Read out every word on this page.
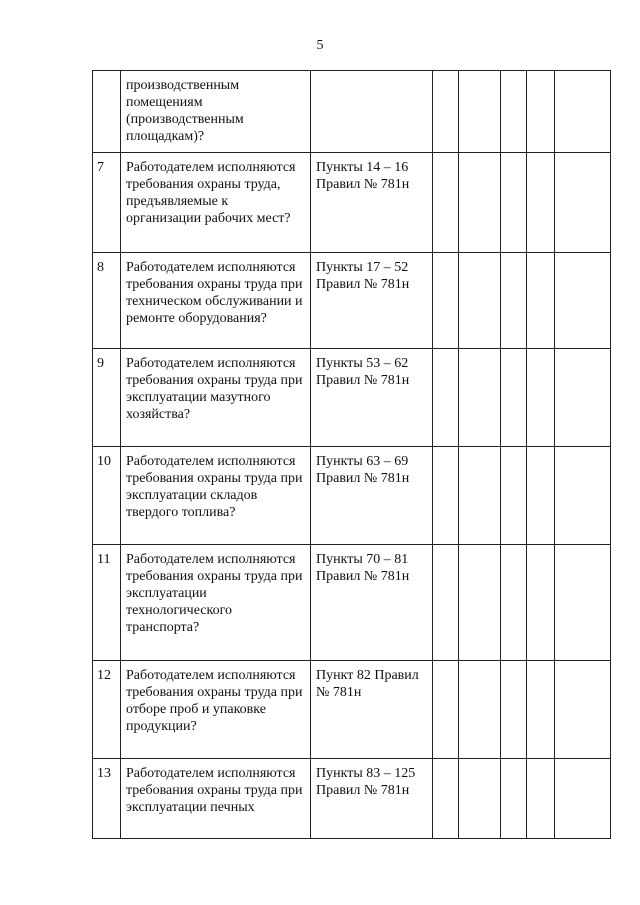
5
	производственным помещениям (производственным площадкам)?						
7	Работодателем исполняются требования охраны труда, предъявляемые к организации рабочих мест?	Пункты 14 – 16 Правил № 781н					
8	Работодателем исполняются требования охраны труда при техническом обслуживании и ремонте оборудования?	Пункты 17 – 52 Правил № 781н					
9	Работодателем исполняются требования охраны труда при эксплуатации мазутного хозяйства?	Пункты 53 – 62 Правил № 781н					
10	Работодателем исполняются требования охраны труда при эксплуатации складов твердого топлива?	Пункты 63 – 69 Правил № 781н					
11	Работодателем исполняются требования охраны труда при эксплуатации технологического транспорта?	Пункты 70 – 81 Правил № 781н					
12	Работодателем исполняются требования охраны труда при отборе проб и упаковке продукции?	Пункт 82 Правил № 781н					
13	Работодателем исполняются требования охраны труда при эксплуатации печных	Пункты 83 – 125 Правил № 781н					
